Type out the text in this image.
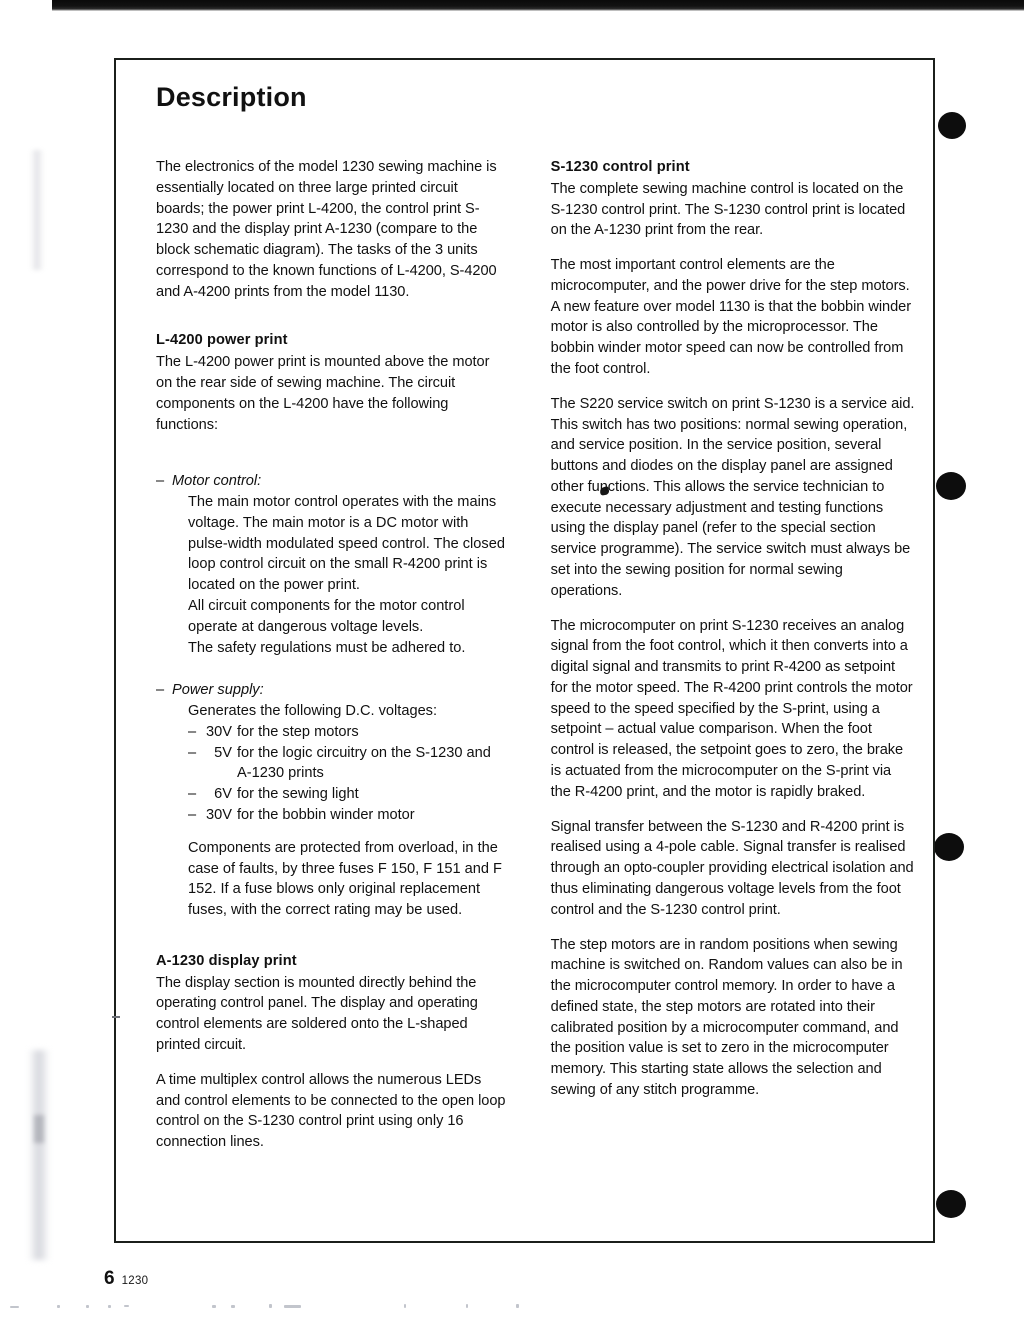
Description

The electronics of the model 1230 sewing machine is essentially located on three large printed circuit boards; the power print L-4200, the control print S-1230 and the display print A-1230 (compare to the block schematic diagram). The tasks of the 3 units correspond to the known functions of L-4200, S-4200 and A-4200 prints from the model 1130.

L-4200 power print

The L-4200 power print is mounted above the motor on the rear side of sewing machine. The circuit components on the L-4200 have the following functions:

– Motor control:

The main motor control operates with the mains voltage. The main motor is a DC motor with pulse-width modulated speed control. The closed loop control circuit on the small R-4200 print is located on the power print.

All circuit components for the motor control operate at dangerous voltage levels.

The safety regulations must be adhered to.

– Power supply:

Generates the following D.C. voltages:

– 30V for the step motors
–	5V for the logic circuitry on the S-1230 and A-1230 prints
–	6V for the sewing light
– 30V for the bobbin winder motor

Components are protected from overload, in the case of faults, by three fuses F 150, F 151 and F 152. If a fuse blows only original replacement fuses, with the correct rating may be used.

A-1230 display print

The display section is mounted directly behind the operating control panel. The display and operating control elements are soldered onto the L-shaped printed circuit.

A time multiplex control allows the numerous LEDs and control elements to be connected to the open loop control on the S-1230 control print using only 16 connection lines.

S-1230 control print

The complete sewing machine control is located on the S-1230 control print. The S-1230 control print is located on the A-1230 print from the rear.

The most important control elements are the microcomputer, and the power drive for the step motors. A new feature over model 1130 is that the bobbin winder motor is also controlled by the microprocessor. The bobbin winder motor speed can now be controlled from the foot control.

The S220 service switch on print S-1230 is a service aid. This switch has two positions: normal sewing operation, and service position. In the service position, several buttons and diodes on the display panel are assigned other functions. This allows the service technician to execute necessary adjustment and testing functions using the display panel (refer to the special section service programme). The service switch must always be set into the sewing position for normal sewing operations.

The microcomputer on print S-1230 receives an analog signal from the foot control, which it then converts into a digital signal and transmits to print R-4200 as setpoint for the motor speed. The R-4200 print controls the motor speed to the speed specified by the S-print, using a setpoint – actual value comparison. When the foot control is released, the setpoint goes to zero, the brake is actuated from the microcomputer on the S-print via the R-4200 print, and the motor is rapidly braked.

Signal transfer between the S-1230 and R-4200 print is realised using a 4-pole cable. Signal transfer is realised through an opto-coupler providing electrical isolation and thus eliminating dangerous voltage levels from the foot control and the S-1230 control print.

The step motors are in random positions when sewing machine is switched on. Random values can also be in the microcomputer control memory. In order to have a defined state, the step motors are rotated into their calibrated position by a microcomputer command, and the position value is set to zero in the microcomputer memory. This starting state allows the selection and sewing of any stitch programme.

6 1230
